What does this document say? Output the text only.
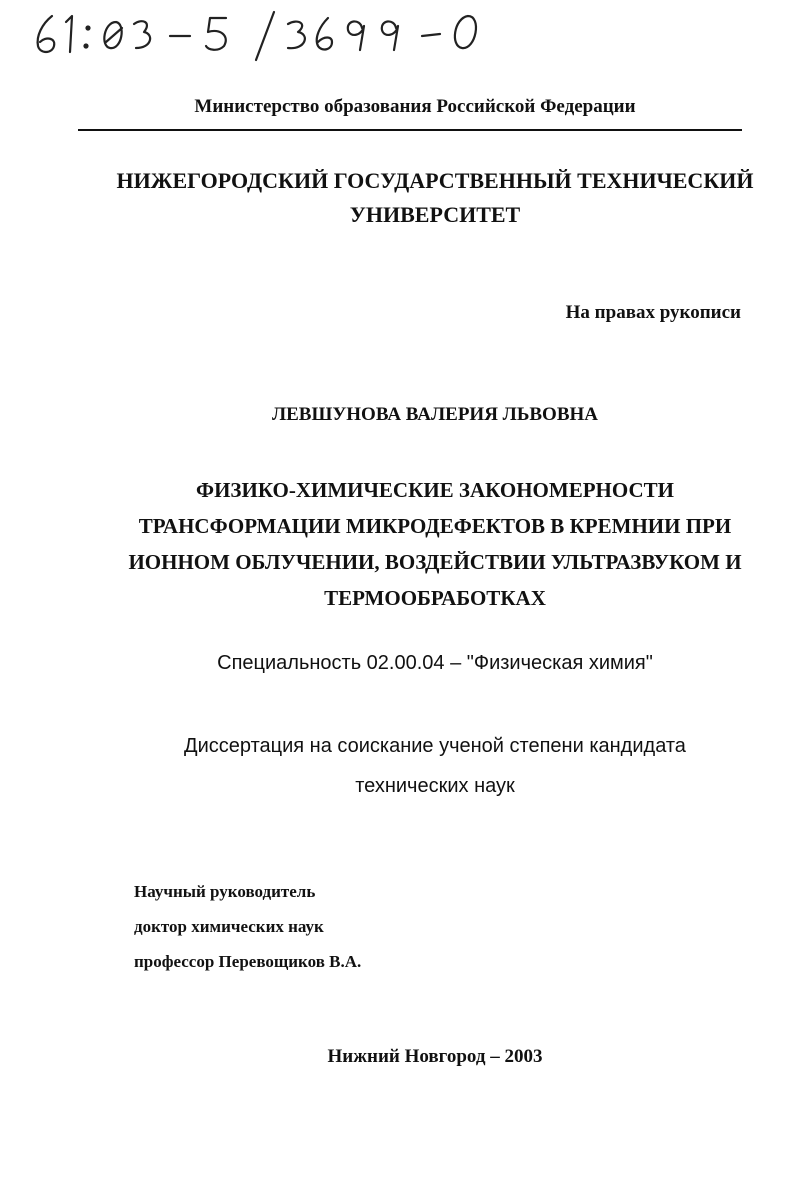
Министерство образования Российской Федерации
НИЖЕГОРОДСКИЙ ГОСУДАРСТВЕННЫЙ ТЕХНИЧЕСКИЙ
УНИВЕРСИТЕТ
На правах рукописи
ЛЕВШУНОВА ВАЛЕРИЯ ЛЬВОВНА
ФИЗИКО-ХИМИЧЕСКИЕ ЗАКОНОМЕРНОСТИ
ТРАНСФОРМАЦИИ МИКРОДЕФЕКТОВ В КРЕМНИИ ПРИ
ИОННОМ ОБЛУЧЕНИИ, ВОЗДЕЙСТВИИ УЛЬТРАЗВУКОМ И
ТЕРМООБРАБОТКАХ
Специальность 02.00.04 – "Физическая химия"
Диссертация на соискание ученой степени кандидата
технических наук
Научный руководитель
доктор химических наук
профессор Перевощиков В.А.
Нижний Новгород – 2003
